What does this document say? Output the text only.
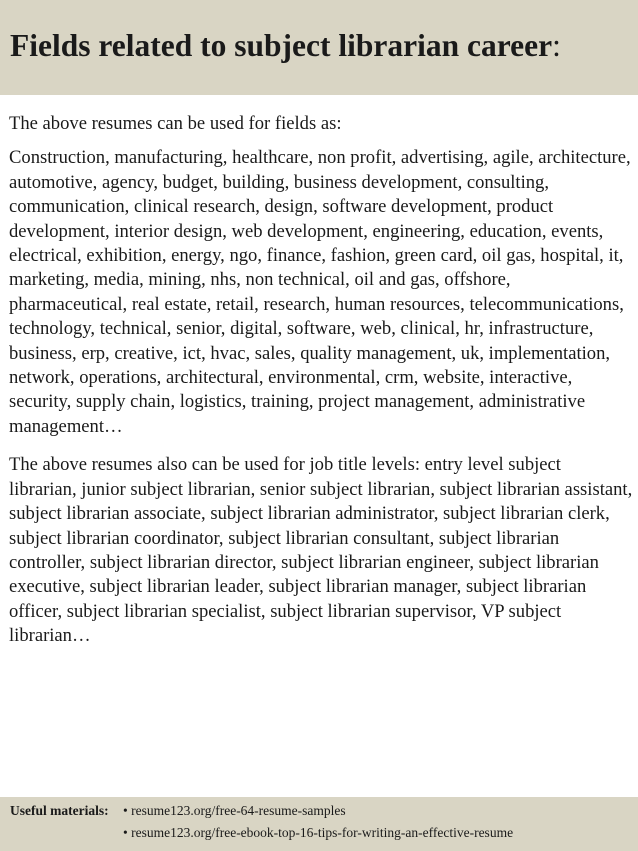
Fields related to subject librarian career:

The above resumes can be used for fields as:

Construction, manufacturing, healthcare, non profit, advertising, agile, architecture, automotive, agency, budget, building, business development, consulting, communication, clinical research, design, software development, product development, interior design, web development, engineering, education, events, electrical, exhibition, energy, ngo, finance, fashion, green card, oil gas, hospital, it, marketing, media, mining, nhs, non technical, oil and gas, offshore, pharmaceutical, real estate, retail, research, human resources, telecommunications, technology, technical, senior, digital, software, web, clinical, hr, infrastructure, business, erp, creative, ict, hvac, sales, quality management, uk, implementation, network, operations, architectural, environmental, crm, website, interactive, security, supply chain, logistics, training, project management, administrative management…

The above resumes also can be used for job title levels: entry level subject librarian, junior subject librarian, senior subject librarian, subject librarian assistant, subject librarian associate, subject librarian administrator, subject librarian clerk, subject librarian coordinator, subject librarian consultant, subject librarian controller, subject librarian director, subject librarian engineer, subject librarian executive, subject librarian leader, subject librarian manager, subject librarian officer, subject librarian specialist, subject librarian supervisor, VP subject librarian…

Useful materials: • resume123.org/free-64-resume-samples
• resume123.org/free-ebook-top-16-tips-for-writing-an-effective-resume
